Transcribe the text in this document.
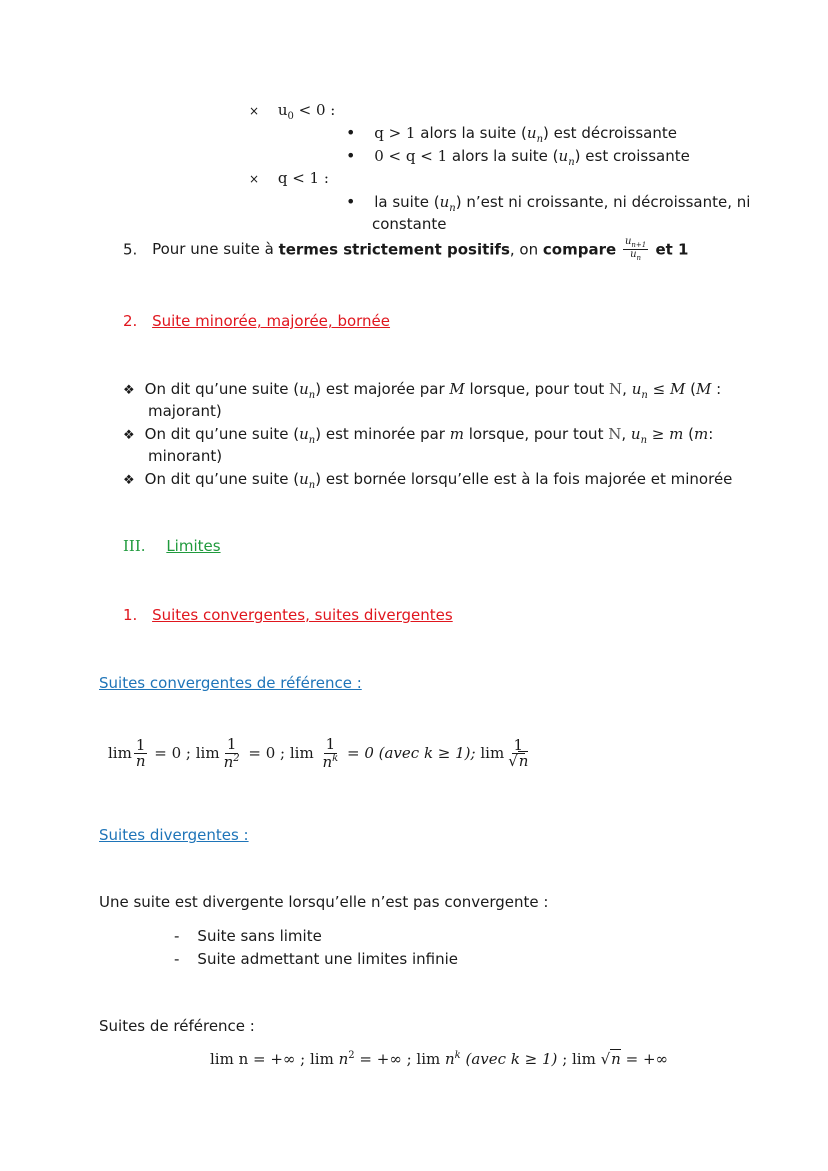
× $u_0 < 0$ :
• q > 1 alors la suite $(u_n)$ est décroissante
• 0 < q < 1 alors la suite $(u_n)$ est croissante
× q < 1 :
• la suite $(u_n)$ n’est ni croissante, ni décroissante, ni
constante
5. Pour une suite à termes strictement positifs, on compare $\frac{u_{n+1}}{u_n}$ et 1
2. Suite minorée, majorée, bornée
❖ On dit qu’une suite $(u_n)$ est majorée par M lorsque, pour tout N, $u_n \le M$ (M :
majorant)
❖ On dit qu’une suite $(u_n)$ est minorée par m lorsque, pour tout N, $u_n \ge m$ (m:
minorant)
❖ On dit qu’une suite $(u_n)$ est bornée lorsqu’elle est à la fois majorée et minorée
III. Limites
1. Suites convergentes, suites divergentes
Suites convergentes de référence :
$\lim \frac{1}{n} = 0$ ; $\lim \frac{1}{n^2} = 0$ ; $\lim \frac{1}{n^k} = 0$ (avec k ≥ 1); $\lim \frac{1}{√n}$
Suites divergentes :
Une suite est divergente lorsqu’elle n’est pas convergente :
- Suite sans limite
- Suite admettant une limites infinie
Suites de référence :
lim n = +∞ ; $\lim n^2$ = +∞ ; $\lim n^k$ (avec k ≥ 1) ; lim √n = +∞
